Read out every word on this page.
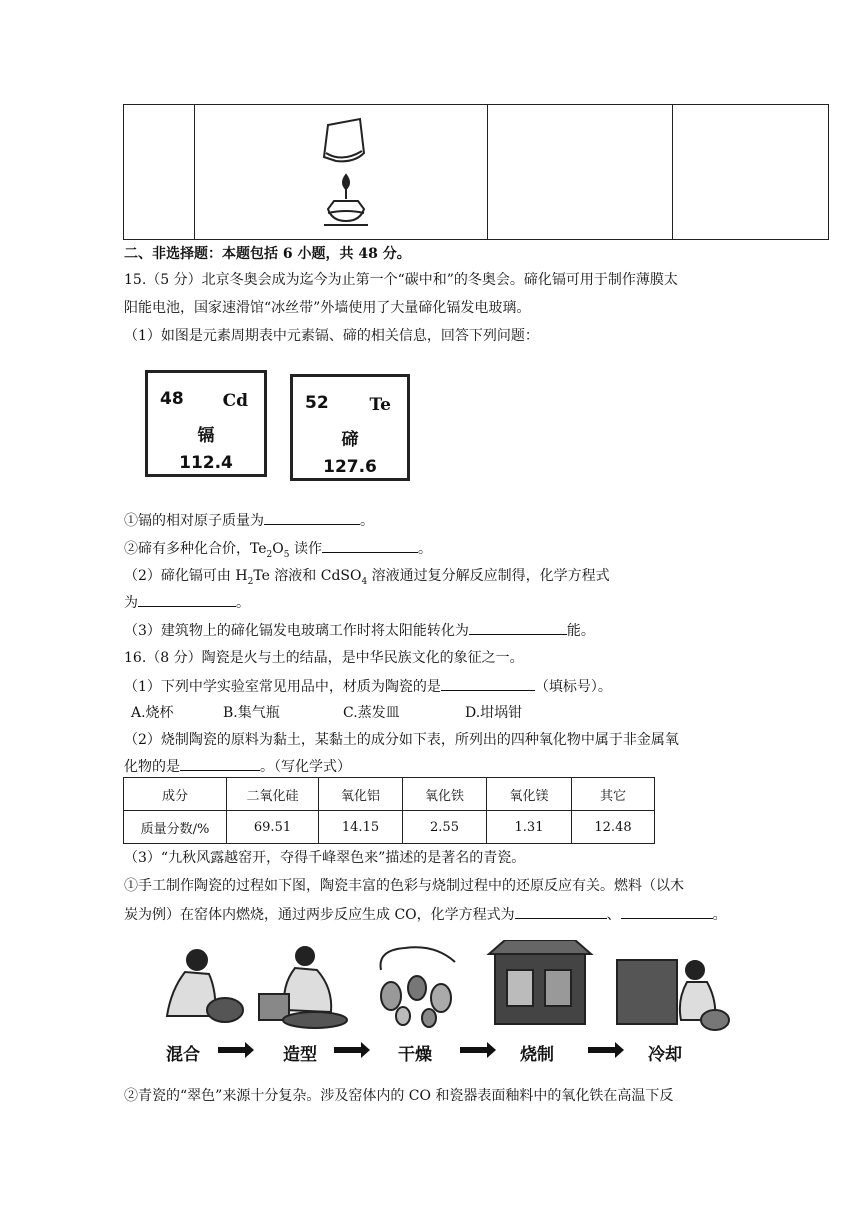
二、非选择题：本题包括 6 小题，共 48 分。
15.（5 分）北京冬奥会成为迄今为止第一个“碳中和”的冬奥会。碲化镉可用于制作薄膜太
阳能电池，国家速滑馆“冰丝带”外墙使用了大量碲化镉发电玻璃。
（1）如图是元素周期表中元素镉、碲的相关信息，回答下列问题：
48 Cd
镉
112.4
52 Te
碲
127.6
①镉的相对原子质量为	。
②碲有多种化合价，$Te_2O_5$ 读作	。
（2）碲化镉可由 $H_2Te$ 溶液和 CdSO$_4$ 溶液通过复分解反应制得，化学方程式
为	。
（3）建筑物上的碲化镉发电玻璃工作时将太阳能转化为	能。
16.（8 分）陶瓷是火与土的结晶，是中华民族文化的象征之一。
（1）下列中学实验室常见用品中，材质为陶瓷的是	（填标号）。
A.烧杯	B.集气瓶	C.蒸发皿	D.坩埚钳
（2）烧制陶瓷的原料为黏土，某黏土的成分如下表，所列出的四种氧化物中属于非金属氧
化物的是	。（写化学式）
成分	二氧化硅	氧化铝	氧化铁	氧化镁	其它
质量分数/%	69.51	14.15	2.55	1.31	12.48
（3）“九秋风露越窑开，夺得千峰翠色来”描述的是著名的青瓷。
①手工制作陶瓷的过程如下图，陶瓷丰富的色彩与烧制过程中的还原反应有关。燃料（以木
炭为例）在窑体内燃烧，通过两步反应生成 CO，化学方程式为	、	。
混合	造型	干燥	烧制	冷却
②青瓷的“翠色”来源十分复杂。涉及窑体内的 CO 和瓷器表面釉料中的氧化铁在高温下反
